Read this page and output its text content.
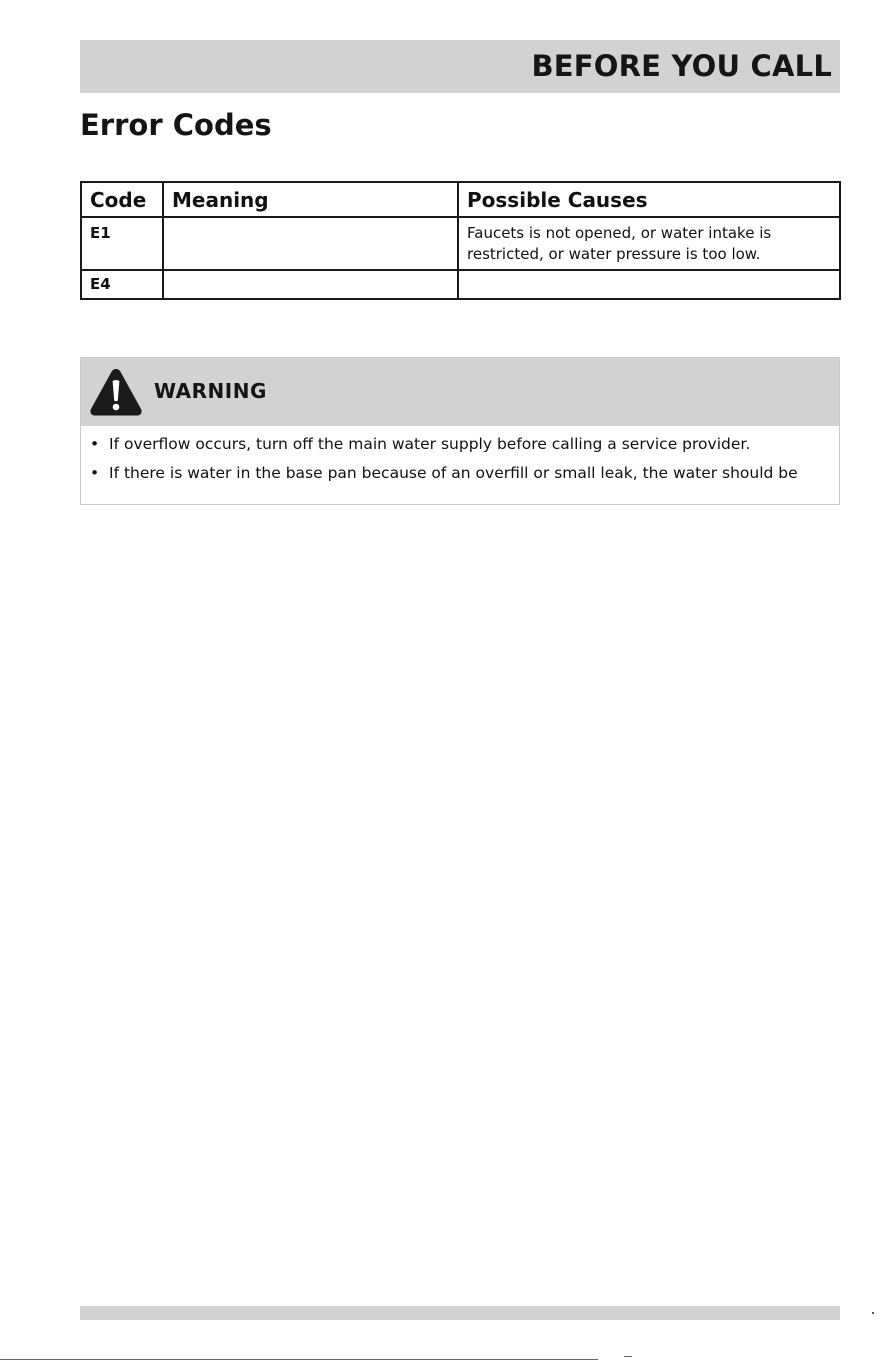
BEFORE YOU CALL
Error Codes
Code	Meaning	Possible Causes
E1		Faucets is not opened, or water intake is restricted, or water pressure is too low.
E4		
WARNING
• If overflow occurs, turn off the main water supply before calling a service provider.
• If there is water in the base pan because of an overfill or small leak, the water should be
